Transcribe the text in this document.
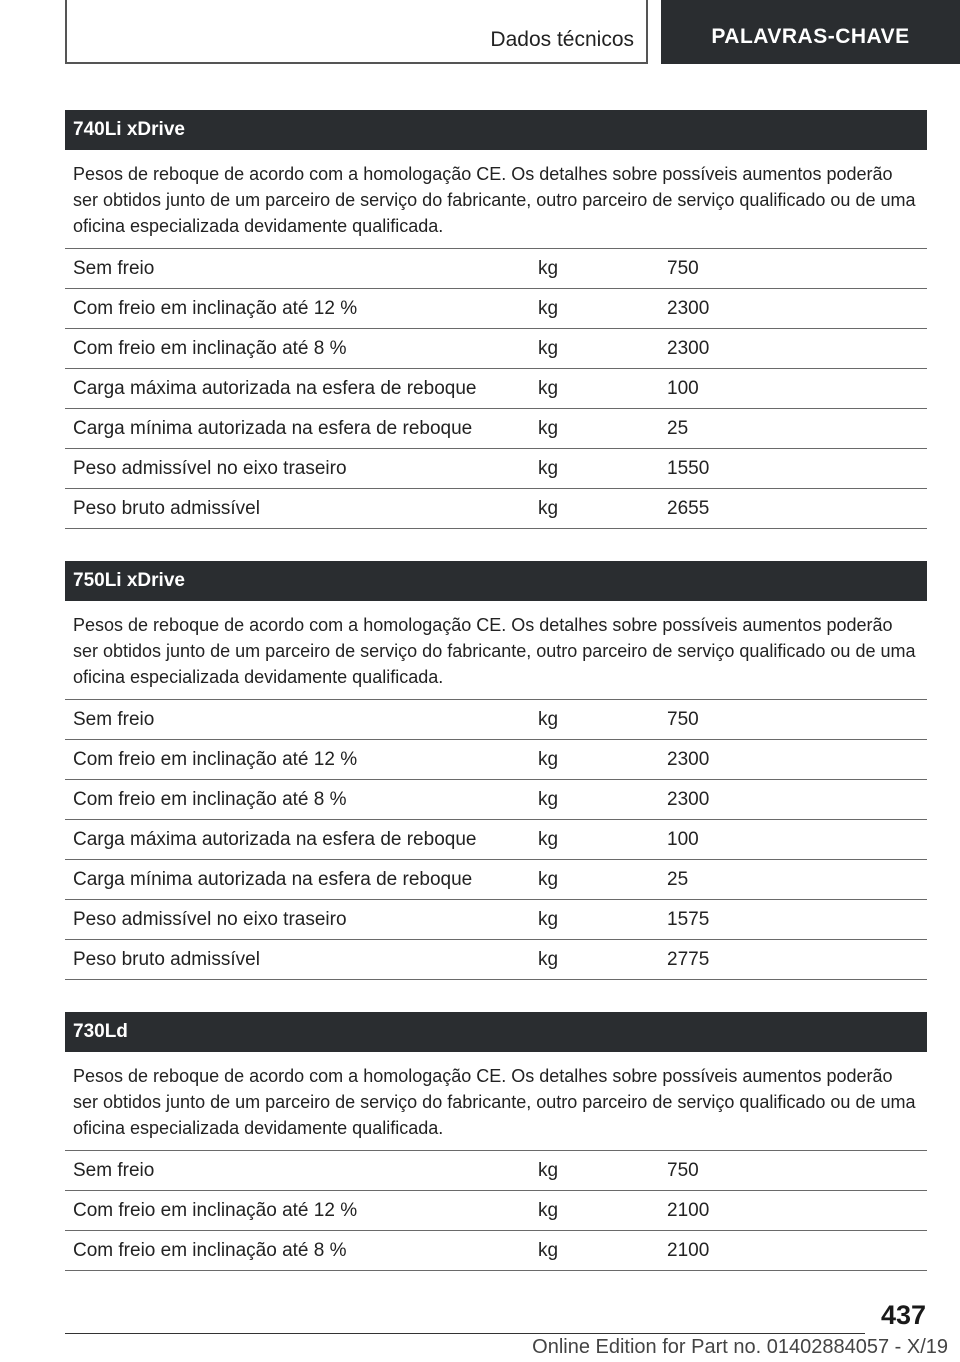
Dados técnicos	PALAVRAS-CHAVE
740Li xDrive
Pesos de reboque de acordo com a homologação CE. Os detalhes sobre possíveis aumentos poderão ser obtidos junto de um parceiro de serviço do fabricante, outro parceiro de serviço qualificado ou de uma oficina especializada devidamente qualificada.
Sem freio	kg	750
Com freio em inclinação até 12 %	kg	2300
Com freio em inclinação até 8 %	kg	2300
Carga máxima autorizada na esfera de reboque	kg	100
Carga mínima autorizada na esfera de reboque	kg	25
Peso admissível no eixo traseiro	kg	1550
Peso bruto admissível	kg	2655
750Li xDrive
Pesos de reboque de acordo com a homologação CE. Os detalhes sobre possíveis aumentos poderão ser obtidos junto de um parceiro de serviço do fabricante, outro parceiro de serviço qualificado ou de uma oficina especializada devidamente qualificada.
Sem freio	kg	750
Com freio em inclinação até 12 %	kg	2300
Com freio em inclinação até 8 %	kg	2300
Carga máxima autorizada na esfera de reboque	kg	100
Carga mínima autorizada na esfera de reboque	kg	25
Peso admissível no eixo traseiro	kg	1575
Peso bruto admissível	kg	2775
730Ld
Pesos de reboque de acordo com a homologação CE. Os detalhes sobre possíveis aumentos poderão ser obtidos junto de um parceiro de serviço do fabricante, outro parceiro de serviço qualificado ou de uma oficina especializada devidamente qualificada.
Sem freio	kg	750
Com freio em inclinação até 12 %	kg	2100
Com freio em inclinação até 8 %	kg	2100
437
Online Edition for Part no. 01402884057 - X/19
